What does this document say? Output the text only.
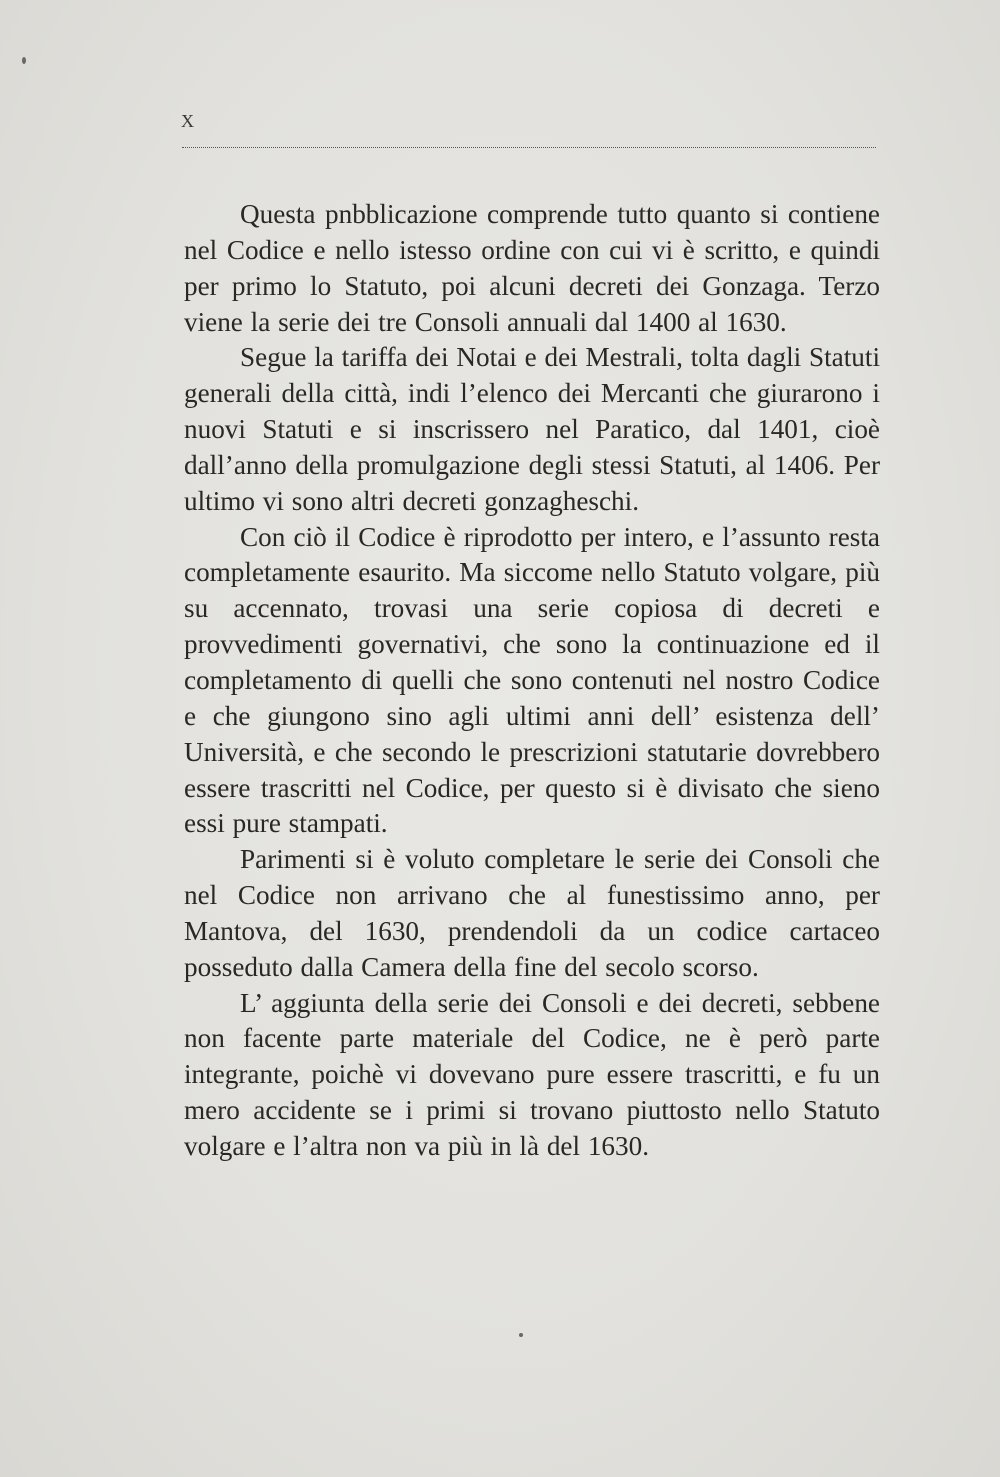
x

Questa pnbblicazione comprende tutto quanto si contiene nel Codice e nello istesso ordine con cui vi è scritto, e quindi per primo lo Statuto, poi alcuni decreti dei Gonzaga. Terzo viene la serie dei tre Consoli annuali dal 1400 al 1630.

Segue la tariffa dei Notai e dei Mestrali, tolta dagli Statuti generali della città, indi l’elenco dei Mercanti che giurarono i nuovi Statuti e si inscrissero nel Paratico, dal 1401, cioè dall’anno della promulgazione degli stessi Statuti, al 1406. Per ultimo vi sono altri decreti gonzagheschi.

Con ciò il Codice è riprodotto per intero, e l’assunto resta completamente esaurito. Ma siccome nello Statuto volgare, più su accennato, trovasi una serie copiosa di decreti e provvedimenti governativi, che sono la continuazione ed il completamento di quelli che sono contenuti nel nostro Codice e che giungono sino agli ultimi anni dell’ esistenza dell’ Università, e che secondo le prescrizioni statutarie dovrebbero essere trascritti nel Codice, per questo si è divisato che sieno essi pure stampati.

Parimenti si è voluto completare le serie dei Consoli che nel Codice non arrivano che al funestissimo anno, per Mantova, del 1630, prendendoli da un codice cartaceo posseduto dalla Camera della fine del secolo scorso.

L’ aggiunta della serie dei Consoli e dei decreti, sebbene non facente parte materiale del Codice, ne è però parte integrante, poichè vi dovevano pure essere trascritti, e fu un mero accidente se i primi si trovano piuttosto nello Statuto volgare e l’altra non va più in là del 1630.
